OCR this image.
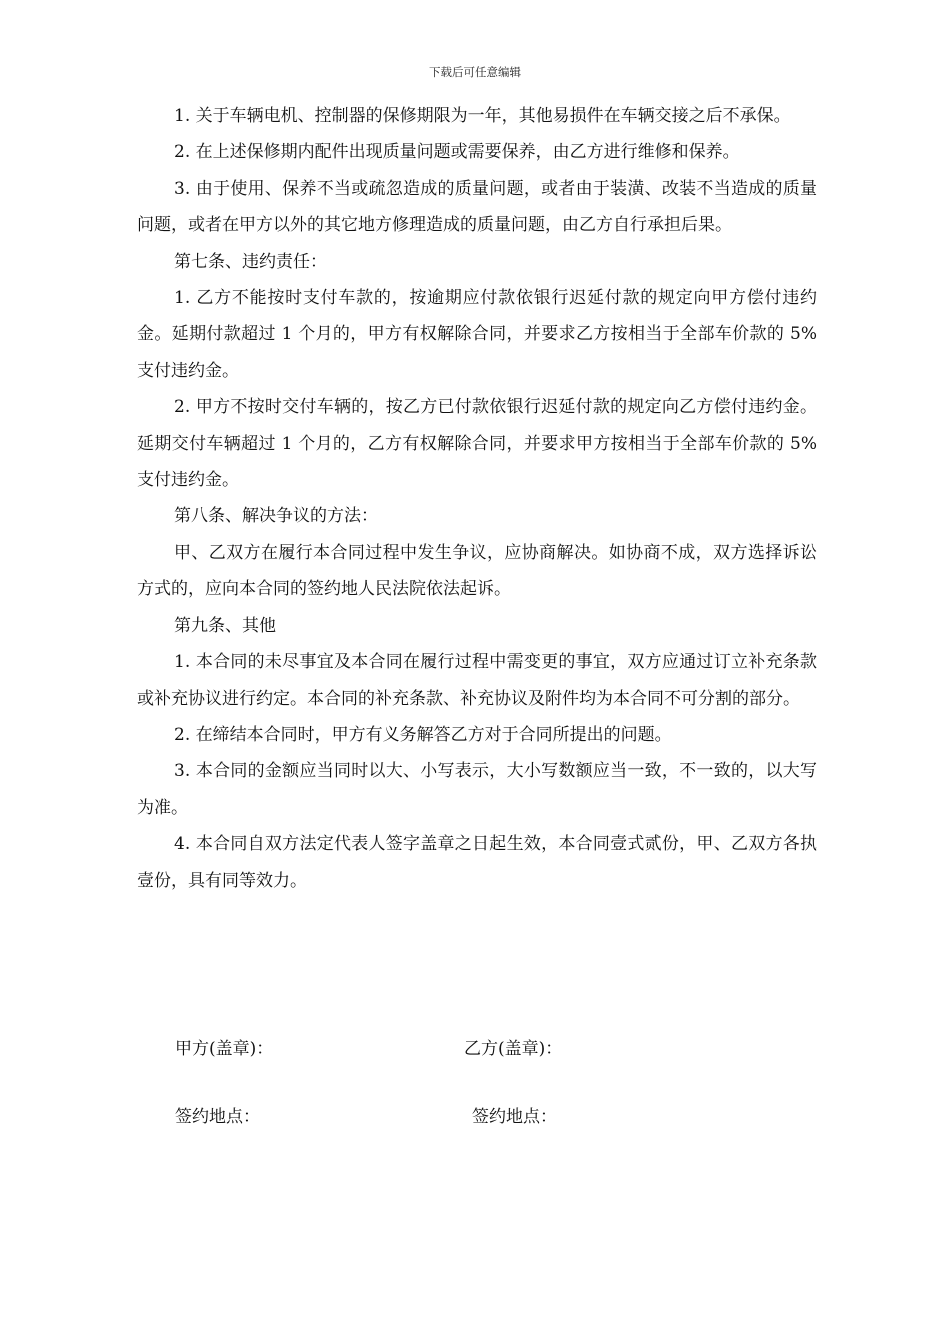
下载后可任意编辑

1. 关于车辆电机、控制器的保修期限为一年，其他易损件在车辆交接之后不承保。

2. 在上述保修期内配件出现质量问题或需要保养，由乙方进行维修和保养。

3. 由于使用、保养不当或疏忽造成的质量问题，或者由于装潢、改装不当造成的质量问题，或者在甲方以外的其它地方修理造成的质量问题，由乙方自行承担后果。

第七条、违约责任：

1. 乙方不能按时支付车款的，按逾期应付款依银行迟延付款的规定向甲方偿付违约金。延期付款超过 1 个月的，甲方有权解除合同，并要求乙方按相当于全部车价款的 5%支付违约金。

2. 甲方不按时交付车辆的，按乙方已付款依银行迟延付款的规定向乙方偿付违约金。延期交付车辆超过 1 个月的，乙方有权解除合同，并要求甲方按相当于全部车价款的 5%支付违约金。

第八条、解决争议的方法：

甲、乙双方在履行本合同过程中发生争议，应协商解决。如协商不成，双方选择诉讼方式的，应向本合同的签约地人民法院依法起诉。

第九条、其他

1. 本合同的未尽事宜及本合同在履行过程中需变更的事宜，双方应通过订立补充条款或补充协议进行约定。本合同的补充条款、补充协议及附件均为本合同不可分割的部分。

2. 在缔结本合同时，甲方有义务解答乙方对于合同所提出的问题。

3. 本合同的金额应当同时以大、小写表示，大小写数额应当一致，不一致的，以大写为准。

4. 本合同自双方法定代表人签字盖章之日起生效，本合同壹式贰份，甲、乙双方各执壹份，具有同等效力。

甲方(盖章)：	乙方(盖章)：
签约地点：	签约地点：
